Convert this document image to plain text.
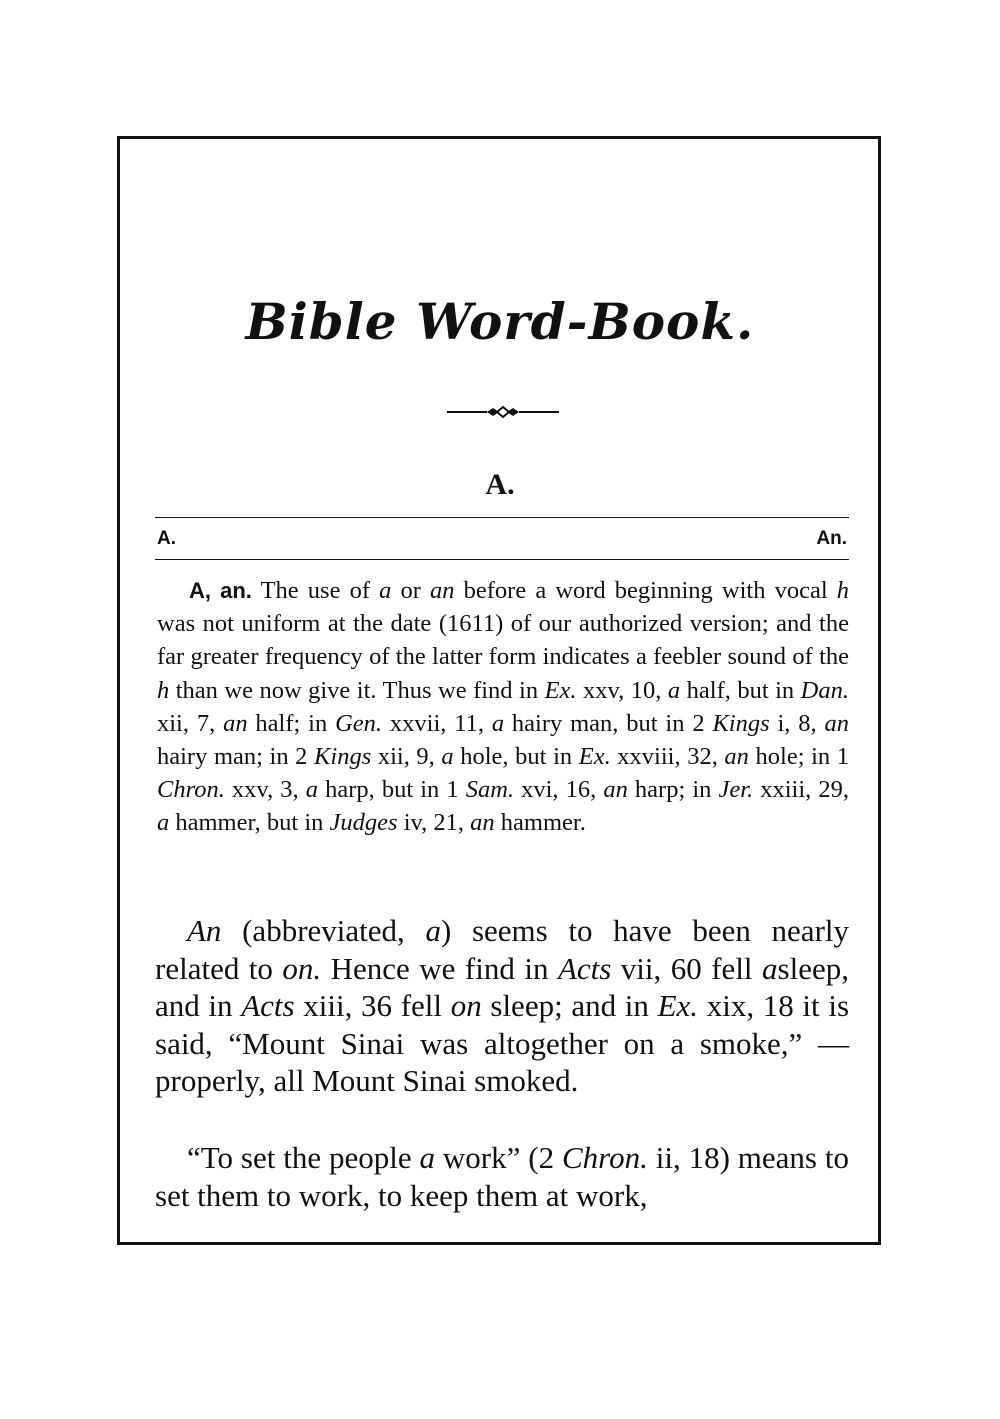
Bible Word-Book.
A.
A.	An.
A, an. The use of a or an before a word beginning with vocal h was not uniform at the date (1611) of our authorized version; and the far greater frequency of the latter form indicates a feebler sound of the h than we now give it. Thus we find in Ex. xxv, 10, a half, but in Dan. xii, 7, an half; in Gen. xxvii, 11, a hairy man, but in 2 Kings i, 8, an hairy man; in 2 Kings xii, 9, a hole, but in Ex. xxviii, 32, an hole; in 1 Chron. xxv, 3, a harp, but in 1 Sam. xvi, 16, an harp; in Jer. xxiii, 29, a hammer, but in Judges iv, 21, an hammer.
An (abbreviated, a) seems to have been nearly related to on. Hence we find in Acts vii, 60 fell asleep, and in Acts xiii, 36 fell on sleep; and in Ex. xix, 18 it is said, “Mount Sinai was altogether on a smoke,” — properly, all Mount Sinai smoked.
“To set the people a work” (2 Chron. ii, 18) means to set them to work, to keep them at work,
